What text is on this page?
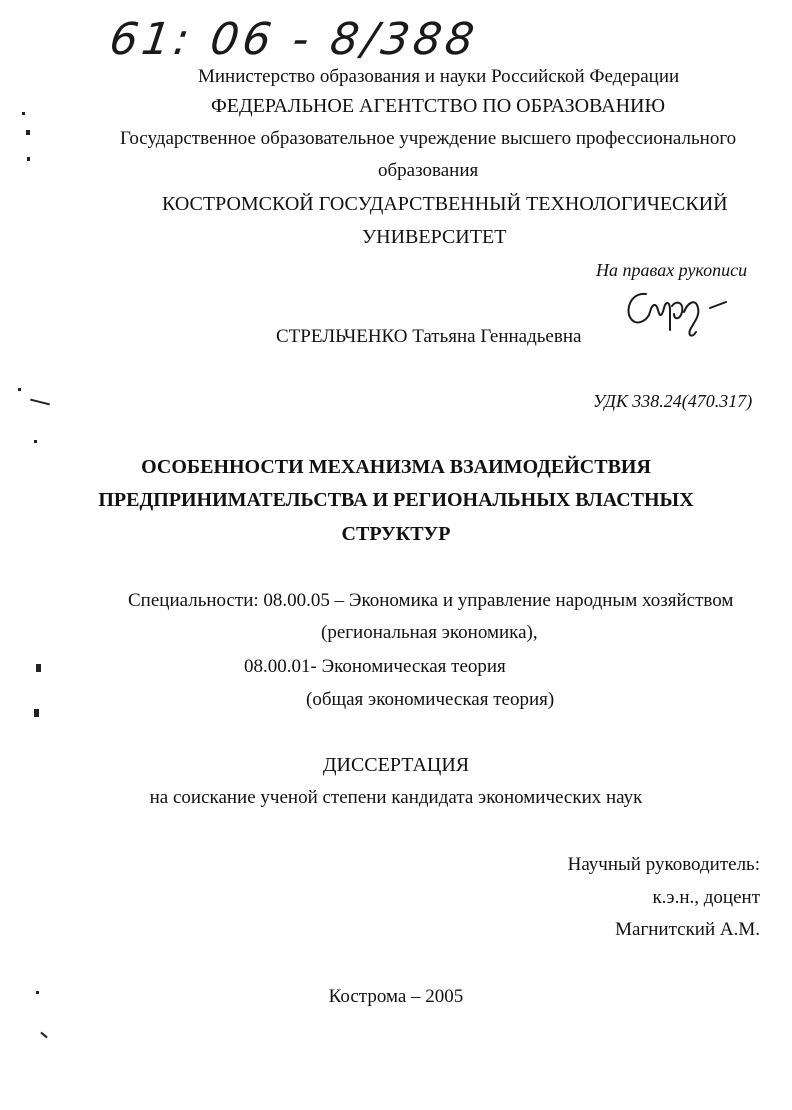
61: 06 - 8/388
Министерство образования и науки Российской Федерации
ФЕДЕРАЛЬНОЕ АГЕНТСТВО ПО ОБРАЗОВАНИЮ
Государственное образовательное учреждение высшего профессионального
образования
КОСТРОМСКОЙ ГОСУДАРСТВЕННЫЙ ТЕХНОЛОГИЧЕСКИЙ
УНИВЕРСИТЕТ
На правах рукописи
СТРЕЛЬЧЕНКО Татьяна Геннадьевна
УДК 338.24(470.317)
ОСОБЕННОСТИ МЕХАНИЗМА ВЗАИМОДЕЙСТВИЯ
ПРЕДПРИНИМАТЕЛЬСТВА И РЕГИОНАЛЬНЫХ ВЛАСТНЫХ
СТРУКТУР
Специальности: 08.00.05 – Экономика и управление народным хозяйством
(региональная экономика),
08.00.01- Экономическая теория
(общая экономическая теория)
ДИССЕРТАЦИЯ
на соискание ученой степени кандидата экономических наук
Научный руководитель:
к.э.н., доцент
Магнитский А.М.
Кострома – 2005
